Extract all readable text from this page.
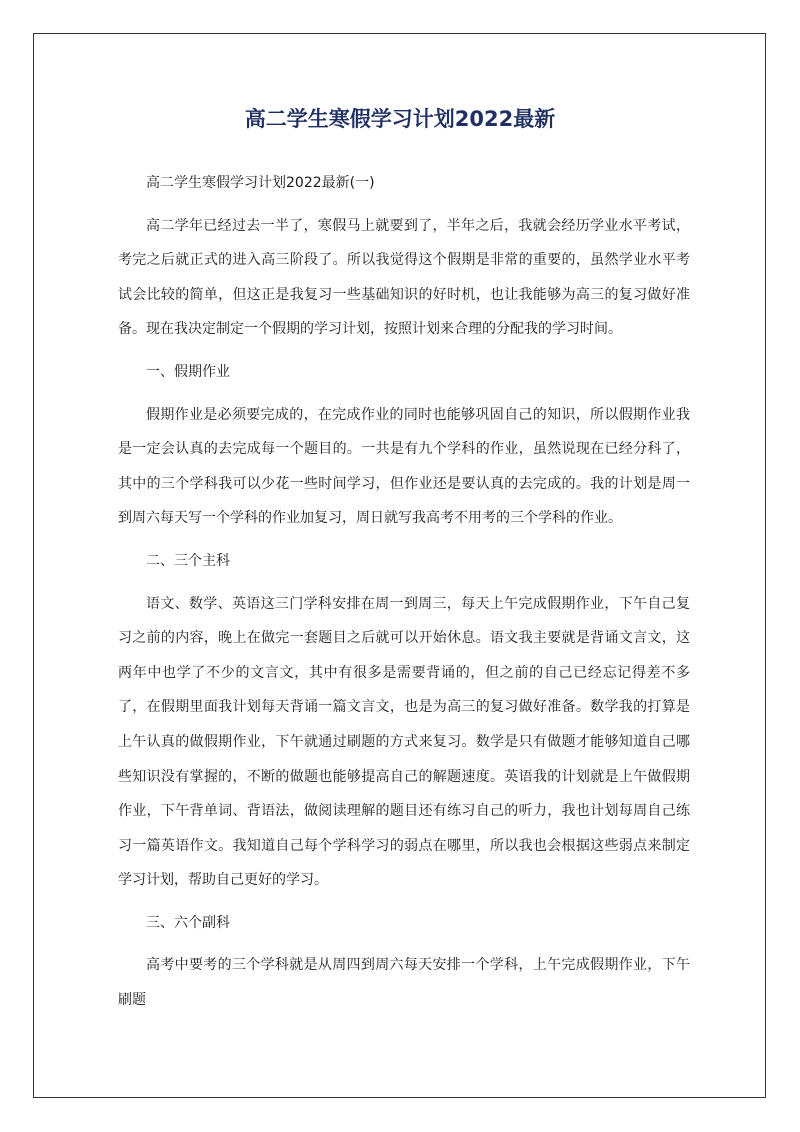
高二学生寒假学习计划2022最新

高二学生寒假学习计划2022最新(一)

高二学年已经过去一半了，寒假马上就要到了，半年之后，我就会经历学业水平考试，考完之后就正式的进入高三阶段了。所以我觉得这个假期是非常的重要的，虽然学业水平考试会比较的简单，但这正是我复习一些基础知识的好时机，也让我能够为高三的复习做好准备。现在我决定制定一个假期的学习计划，按照计划来合理的分配我的学习时间。

一、假期作业

假期作业是必须要完成的，在完成作业的同时也能够巩固自己的知识，所以假期作业我是一定会认真的去完成每一个题目的。一共是有九个学科的作业，虽然说现在已经分科了，其中的三个学科我可以少花一些时间学习，但作业还是要认真的去完成的。我的计划是周一到周六每天写一个学科的作业加复习，周日就写我高考不用考的三个学科的作业。

二、三个主科

语文、数学、英语这三门学科安排在周一到周三，每天上午完成假期作业，下午自己复习之前的内容，晚上在做完一套题目之后就可以开始休息。语文我主要就是背诵文言文，这两年中也学了不少的文言文，其中有很多是需要背诵的，但之前的自己已经忘记得差不多了，在假期里面我计划每天背诵一篇文言文，也是为高三的复习做好准备。数学我的打算是上午认真的做假期作业，下午就通过刷题的方式来复习。数学是只有做题才能够知道自己哪些知识没有掌握的，不断的做题也能够提高自己的解题速度。英语我的计划就是上午做假期作业，下午背单词、背语法，做阅读理解的题目还有练习自己的听力，我也计划每周自己练习一篇英语作文。我知道自己每个学科学习的弱点在哪里，所以我也会根据这些弱点来制定学习计划，帮助自己更好的学习。

三、六个副科

高考中要考的三个学科就是从周四到周六每天安排一个学科，上午完成假期作业，下午刷题
